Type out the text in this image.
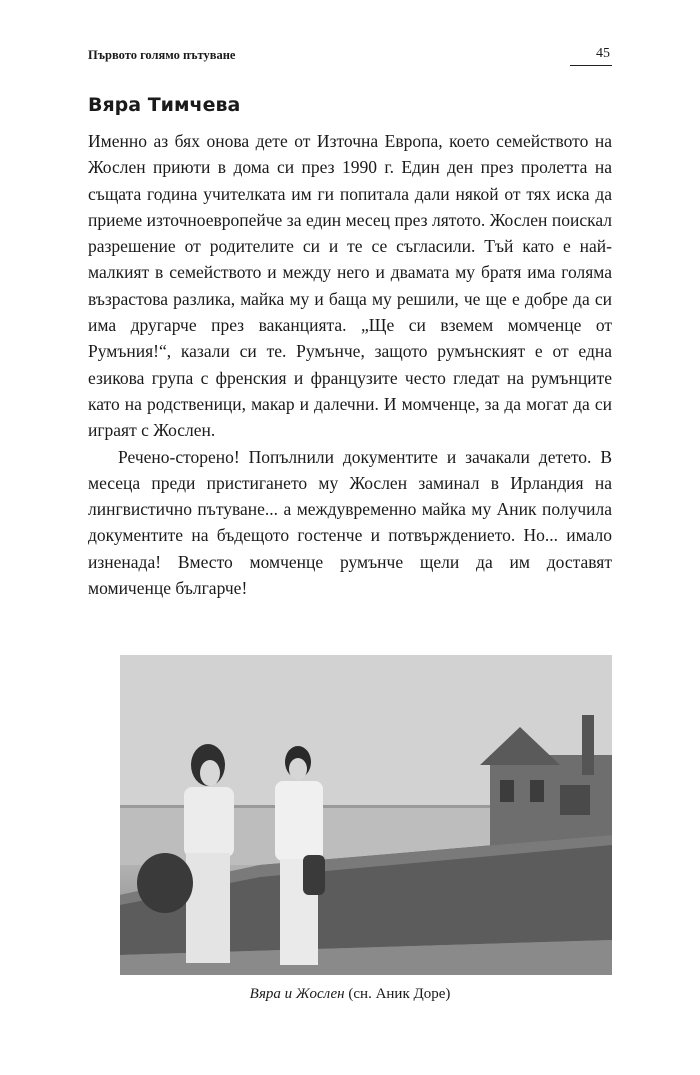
Първото голямо пътуване	45
Вяра Тимчева

Именно аз бях онова дете от Източна Европа, което семейството на Жослен приюти в дома си през 1990 г. Един ден през пролетта на същата година учителката им ги попитала дали някой от тях иска да приеме източноевропейче за един месец през лятото. Жослен поискал разрешение от родителите си и те се съгласили. Тъй като е най-малкият в семейството и между него и двамата му братя има голяма възрастова разлика, майка му и баща му решили, че ще е добре да си има другарче през ваканцията. „Ще си вземем момченце от Румъния!“, казали си те. Румънче, защото румънският е от една езикова група с френския и французите често гледат на румънците като на родственици, макар и далечни. И момченце, за да могат да си играят с Жослен.

Речено-сторено! Попълнили документите и зачакали детето. В месеца преди пристигането му Жослен заминал в Ирландия на лингвистично пътуване... а междувременно майка му Аник получила документите на бъдещото гостенче и потвърждението. Но... имало изненада! Вместо момченце румънче щели да им доставят момиченце българче!

Вяра и Жослен (сн. Аник Доре)
